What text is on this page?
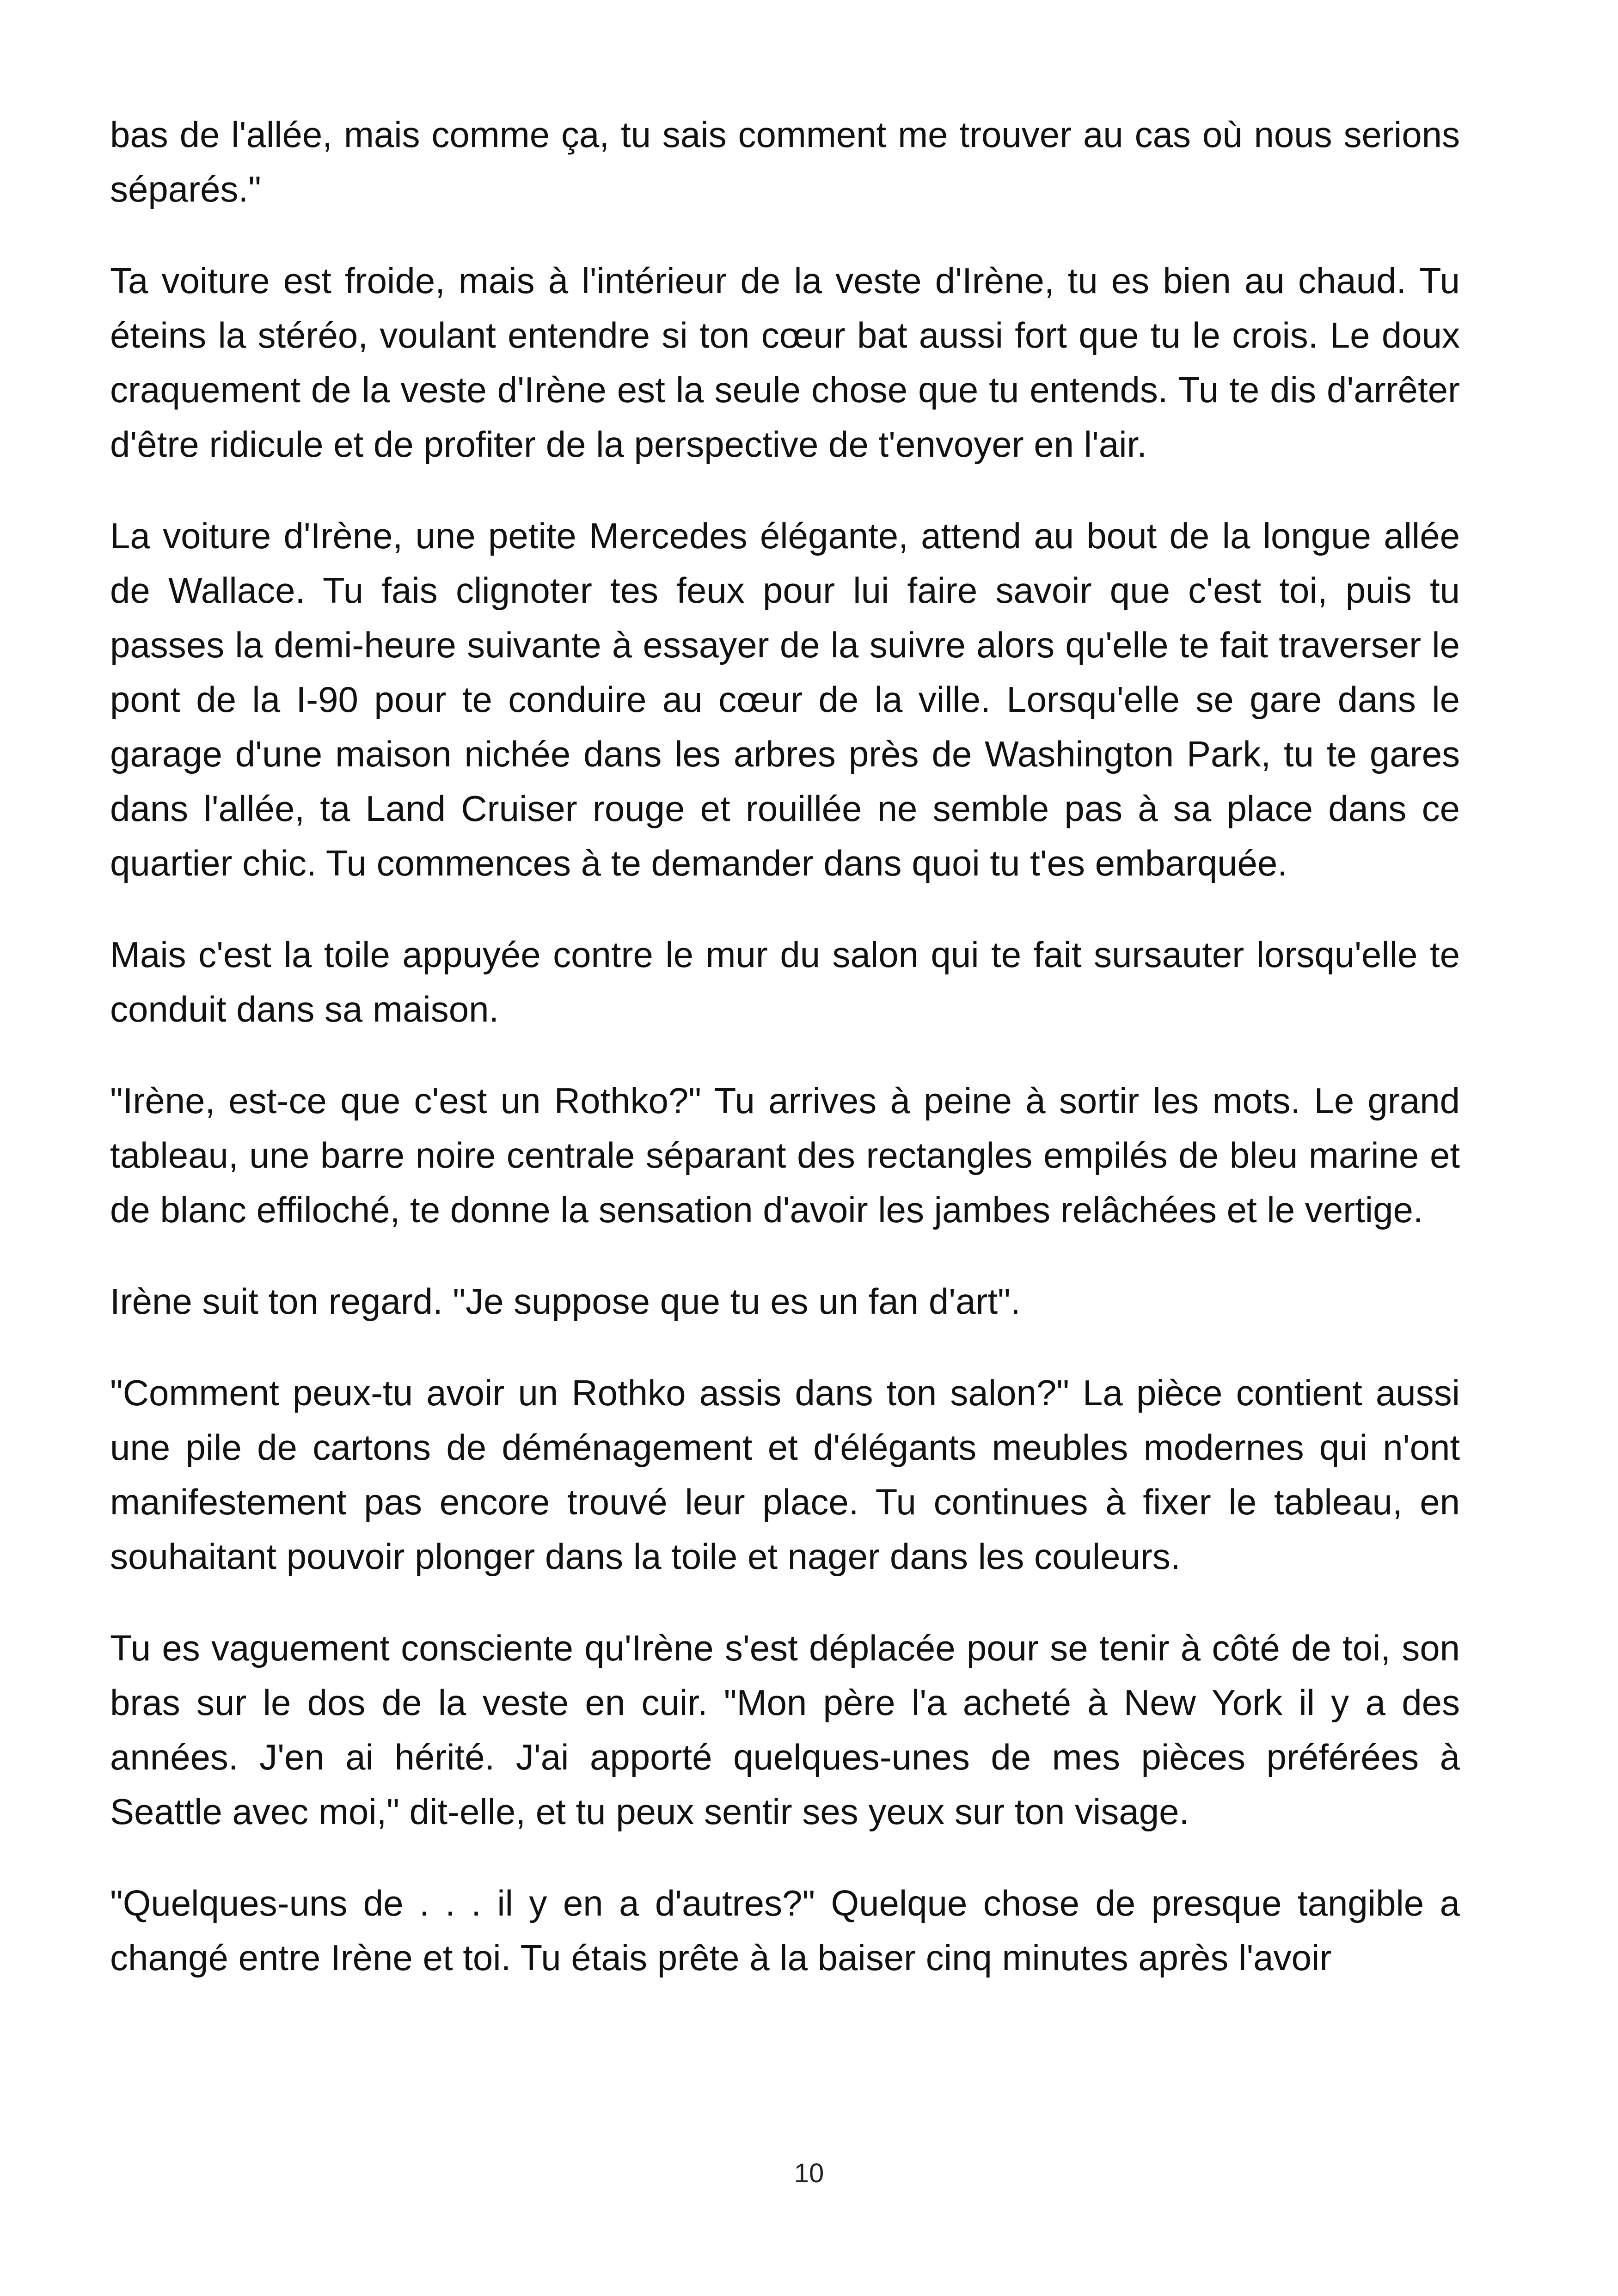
bas de l'allée, mais comme ça, tu sais comment me trouver au cas où nous serions séparés."

Ta voiture est froide, mais à l'intérieur de la veste d'Irène, tu es bien au chaud. Tu éteins la stéréo, voulant entendre si ton cœur bat aussi fort que tu le crois. Le doux craquement de la veste d'Irène est la seule chose que tu entends. Tu te dis d'arrêter d'être ridicule et de profiter de la perspective de t'envoyer en l'air.

La voiture d'Irène, une petite Mercedes élégante, attend au bout de la longue allée de Wallace. Tu fais clignoter tes feux pour lui faire savoir que c'est toi, puis tu passes la demi-heure suivante à essayer de la suivre alors qu'elle te fait traverser le pont de la I-90 pour te conduire au cœur de la ville. Lorsqu'elle se gare dans le garage d'une maison nichée dans les arbres près de Washington Park, tu te gares dans l'allée, ta Land Cruiser rouge et rouillée ne semble pas à sa place dans ce quartier chic. Tu commences à te demander dans quoi tu t'es embarquée.

Mais c'est la toile appuyée contre le mur du salon qui te fait sursauter lorsqu'elle te conduit dans sa maison.

"Irène, est-ce que c'est un Rothko?" Tu arrives à peine à sortir les mots. Le grand tableau, une barre noire centrale séparant des rectangles empilés de bleu marine et de blanc effiloché, te donne la sensation d'avoir les jambes relâchées et le vertige.

Irène suit ton regard. "Je suppose que tu es un fan d'art".

"Comment peux-tu avoir un Rothko assis dans ton salon?" La pièce contient aussi une pile de cartons de déménagement et d'élégants meubles modernes qui n'ont manifestement pas encore trouvé leur place. Tu continues à fixer le tableau, en souhaitant pouvoir plonger dans la toile et nager dans les couleurs.

Tu es vaguement consciente qu'Irène s'est déplacée pour se tenir à côté de toi, son bras sur le dos de la veste en cuir. "Mon père l'a acheté à New York il y a des années. J'en ai hérité. J'ai apporté quelques-unes de mes pièces préférées à Seattle avec moi," dit-elle, et tu peux sentir ses yeux sur ton visage.

"Quelques-uns de . . . il y en a d'autres?" Quelque chose de presque tangible a changé entre Irène et toi. Tu étais prête à la baiser cinq minutes après l'avoir

10
